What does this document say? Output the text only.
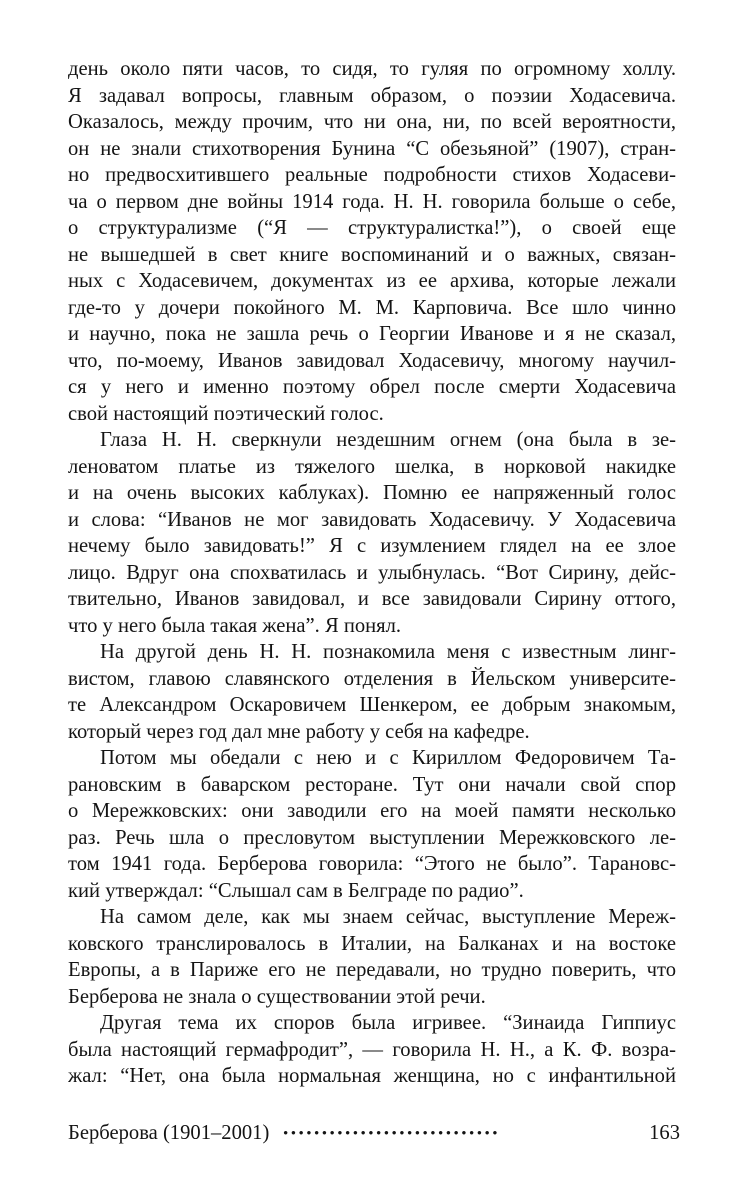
день около пяти часов, то сидя, то гуляя по огромному холлу.
Я задавал вопросы, главным образом, о поэзии Ходасевича.
Оказалось, между прочим, что ни она, ни, по всей вероятности,
он не знали стихотворения Бунина “С обезьяной” (1907), стран-
но предвосхитившего реальные подробности стихов Ходасеви-
ча о первом дне войны 1914 года. Н. Н. говорила больше о себе,
о структурализме (“Я — структуралистка!”), о своей еще
не вышедшей в свет книге воспоминаний и о важных, связан-
ных с Ходасевичем, документах из ее архива, которые лежали
где-то у дочери покойного М. М. Карповича. Все шло чинно
и научно, пока не зашла речь о Георгии Иванове и я не сказал,
что, по-моему, Иванов завидовал Ходасевичу, многому научил-
ся у него и именно поэтому обрел после смерти Ходасевича
свой настоящий поэтический голос.
Глаза Н. Н. сверкнули нездешним огнем (она была в зе-
леноватом платье из тяжелого шелка, в норковой накидке
и на очень высоких каблуках). Помню ее напряженный голос
и слова: “Иванов не мог завидовать Ходасевичу. У Ходасевича
нечему было завидовать!” Я с изумлением глядел на ее злое
лицо. Вдруг она спохватилась и улыбнулась. “Вот Сирину, дейс-
твительно, Иванов завидовал, и все завидовали Сирину оттого,
что у него была такая жена”. Я понял.
На другой день Н. Н. познакомила меня с известным линг-
вистом, главою славянского отделения в Йельском университе-
те Александром Оскаровичем Шенкером, ее добрым знакомым,
который через год дал мне работу у себя на кафедре.
Потом мы обедали с нею и с Кириллом Федоровичем Та-
рановским в баварском ресторане. Тут они начали свой спор
о Мережковских: они заводили его на моей памяти несколько
раз. Речь шла о пресловутом выступлении Мережковского ле-
том 1941 года. Берберова говорила: “Этого не было”. Тарановс-
кий утверждал: “Слышал сам в Белграде по радио”.
На самом деле, как мы знаем сейчас, выступление Мереж-
ковского транслировалось в Италии, на Балканах и на востоке
Европы, а в Париже его не передавали, но трудно поверить, что
Берберова не знала о существовании этой речи.
Другая тема их споров была игривее. “Зинаида Гиппиус
была настоящий гермафродит”, — говорила Н. Н., а К. Ф. возра-
жал: “Нет, она была нормальная женщина, но с инфантильной
Берберова (1901–2001) ••••••••••••••••••••••••••••	163
